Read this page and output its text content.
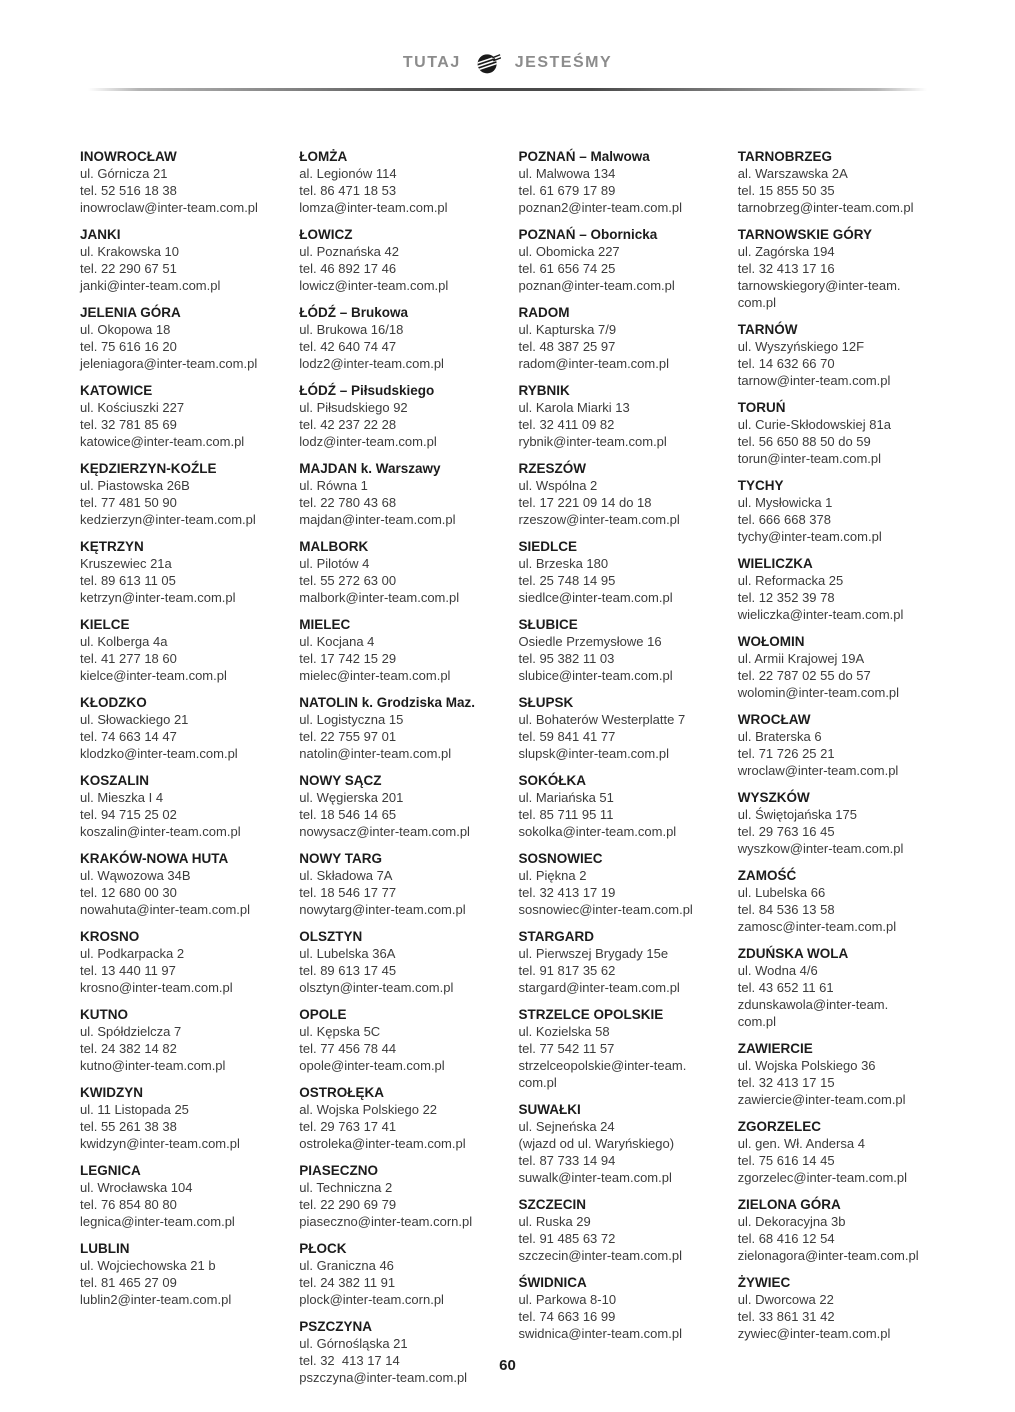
TUTAJ	JESTEŚMY
INOWROCŁAW
ul. Górnicza 21
tel. 52 516 18 38
inowroclaw@inter-team.com.pl
JANKI
ul. Krakowska 10
tel. 22 290 67 51
janki@inter-team.com.pl
JELENIA GÓRA
ul. Okopowa 18
tel. 75 616 16 20
jeleniagora@inter-team.com.pl
KATOWICE
ul. Kościuszki 227
tel. 32 781 85 69
katowice@inter-team.com.pl
KĘDZIERZYN-KOŹLE
ul. Piastowska 26B
tel. 77 481 50 90
kedzierzyn@inter-team.com.pl
KĘTRZYN
Kruszewiec 21a
tel. 89 613 11 05
ketrzyn@inter-team.com.pl
KIELCE
ul. Kolberga 4a
tel. 41 277 18 60
kielce@inter-team.com.pl
KŁODZKO
ul. Słowackiego 21
tel. 74 663 14 47
klodzko@inter-team.com.pl
KOSZALIN
ul. Mieszka I 4
tel. 94 715 25 02
koszalin@inter-team.com.pl
KRAKÓW-NOWA HUTA
ul. Wąwozowa 34B
tel. 12 680 00 30
nowahuta@inter-team.com.pl
KROSNO
ul. Podkarpacka 2
tel. 13 440 11 97
krosno@inter-team.com.pl
KUTNO
ul. Spółdzielcza 7
tel. 24 382 14 82
kutno@inter-team.com.pl
KWIDZYN
ul. 11 Listopada 25
tel. 55 261 38 38
kwidzyn@inter-team.com.pl
LEGNICA
ul. Wrocławska 104
tel. 76 854 80 80
legnica@inter-team.com.pl
LUBLIN
ul. Wojciechowska 21 b
tel. 81 465 27 09
lublin2@inter-team.com.pl
ŁOMŻA
al. Legionów 114
tel. 86 471 18 53
lomza@inter-team.com.pl
ŁOWICZ
ul. Poznańska 42
tel. 46 892 17 46
lowicz@inter-team.com.pl
ŁÓDŹ – Brukowa
ul. Brukowa 16/18
tel. 42 640 74 47
lodz2@inter-team.com.pl
ŁÓDŹ – Piłsudskiego
ul. Piłsudskiego 92
tel. 42 237 22 28
lodz@inter-team.com.pl
MAJDAN k. Warszawy
ul. Równa 1
tel. 22 780 43 68
majdan@inter-team.com.pl
MALBORK
ul. Pilotów 4
tel. 55 272 63 00
malbork@inter-team.com.pl
MIELEC
ul. Kocjana 4
tel. 17 742 15 29
mielec@inter-team.com.pl
NATOLIN k. Grodziska Maz.
ul. Logistyczna 15
tel. 22 755 97 01
natolin@inter-team.com.pl
NOWY SĄCZ
ul. Węgierska 201
tel. 18 546 14 65
nowysacz@inter-team.com.pl
NOWY TARG
ul. Składowa 7A
tel. 18 546 17 77
nowytarg@inter-team.com.pl
OLSZTYN
ul. Lubelska 36A
tel. 89 613 17 45
olsztyn@inter-team.com.pl
OPOLE
ul. Kępska 5C
tel. 77 456 78 44
opole@inter-team.com.pl
OSTROŁĘKA
al. Wojska Polskiego 22
tel. 29 763 17 41
ostroleka@inter-team.com.pl
PIASECZNO
ul. Techniczna 2
tel. 22 290 69 79
piaseczno@inter-team.corn.pl
PŁOCK
ul. Graniczna 46
tel. 24 382 11 91
plock@inter-team.corn.pl
PSZCZYNA
ul. Górnośląska 21
tel. 32  413 17 14
pszczyna@inter-team.com.pl
POZNAŃ – Malwowa
ul. Malwowa 134
tel. 61 679 17 89
poznan2@inter-team.com.pl
POZNAŃ – Obornicka
ul. Obomicka 227
tel. 61 656 74 25
poznan@inter-team.com.pl
RADOM
ul. Kapturska 7/9
tel. 48 387 25 97
radom@inter-team.com.pl
RYBNIK
ul. Karola Miarki 13
tel. 32 411 09 82
rybnik@inter-team.com.pl
RZESZÓW
ul. Wspólna 2
tel. 17 221 09 14 do 18
rzeszow@inter-team.com.pl
SIEDLCE
ul. Brzeska 180
tel. 25 748 14 95
siedlce@inter-team.com.pl
SŁUBICE
Osiedle Przemysłowe 16
tel. 95 382 11 03
slubice@inter-team.com.pl
SŁUPSK
ul. Bohaterów Westerplatte 7
tel. 59 841 41 77
slupsk@inter-team.com.pl
SOKÓŁKA
ul. Mariańska 51
tel. 85 711 95 11
sokolka@inter-team.com.pl
SOSNOWIEC
ul. Piękna 2
tel. 32 413 17 19
sosnowiec@inter-team.com.pl
STARGARD
ul. Pierwszej Brygady 15e
tel. 91 817 35 62
stargard@inter-team.com.pl
STRZELCE OPOLSKIE
ul. Kozielska 58
tel. 77 542 11 57
strzelceopolskie@inter-team.
com.pl
SUWAŁKI
ul. Sejneńska 24
(wjazd od ul. Waryńskiego)
tel. 87 733 14 94
suwalk@inter-team.com.pl
SZCZECIN
ul. Ruska 29
tel. 91 485 63 72
szczecin@inter-team.com.pl
ŚWIDNICA
ul. Parkowa 8-10
tel. 74 663 16 99
swidnica@inter-team.com.pl
TARNOBRZEG
al. Warszawska 2A
tel. 15 855 50 35
tarnobrzeg@inter-team.com.pl
TARNOWSKIE GÓRY
ul. Zagórska 194
tel. 32 413 17 16
tarnowskiegory@inter-team.
com.pl
TARNÓW
ul. Wyszyńskiego 12F
tel. 14 632 66 70
tarnow@inter-team.com.pl
TORUŃ
ul. Curie-Skłodowskiej 81a
tel. 56 650 88 50 do 59
torun@inter-team.com.pl
TYCHY
ul. Mysłowicka 1
tel. 666 668 378
tychy@inter-team.com.pl
WIELICZKA
ul. Reformacka 25
tel. 12 352 39 78
wieliczka@inter-team.com.pl
WOŁOMIN
ul. Armii Krajowej 19A
tel. 22 787 02 55 do 57
wolomin@inter-team.com.pl
WROCŁAW
ul. Braterska 6
tel. 71 726 25 21
wroclaw@inter-team.com.pl
WYSZKÓW
ul. Świętojańska 175
tel. 29 763 16 45
wyszkow@inter-team.com.pl
ZAMOŚĆ
ul. Lubelska 66
tel. 84 536 13 58
zamosc@inter-team.com.pl
ZDUŃSKA WOLA
ul. Wodna 4/6
tel. 43 652 11 61
zdunskawola@inter-team.
com.pl
ZAWIERCIE
ul. Wojska Polskiego 36
tel. 32 413 17 15
zawiercie@inter-team.com.pl
ZGORZELEC
ul. gen. Wł. Andersa 4
tel. 75 616 14 45
zgorzelec@inter-team.com.pl
ZIELONA GÓRA
ul. Dekoracyjna 3b
tel. 68 416 12 54
zielonagora@inter-team.com.pl
ŻYWIEC
ul. Dworcowa 22
tel. 33 861 31 42
zywiec@inter-team.com.pl
60
